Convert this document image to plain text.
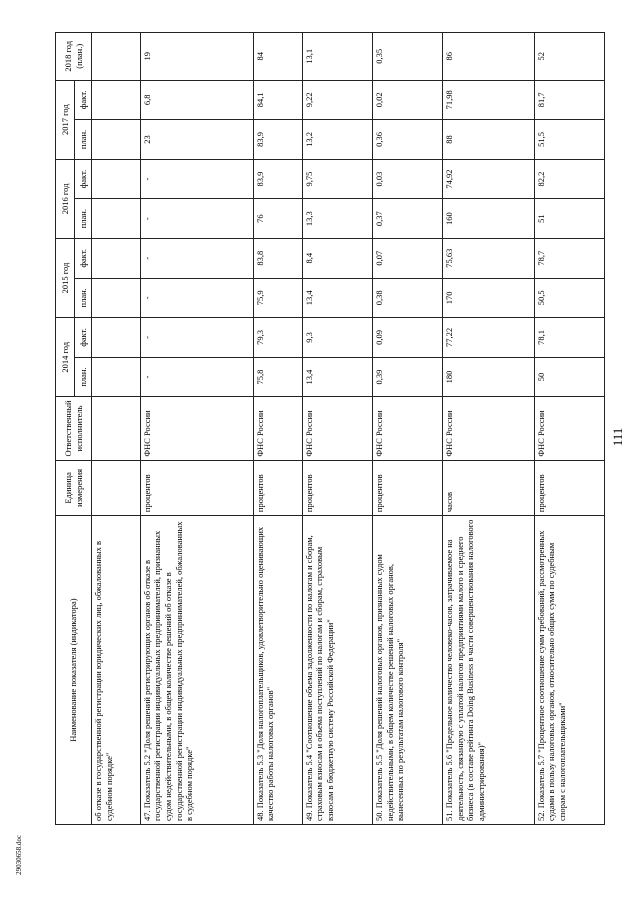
111
29030658.doc
Наименование показателя (индикатора)	Единица измерения	Ответственный исполнитель	2014 год		2015 год		2016 год		2017 год		2018 год (план.)
			план.	факт.	план.	факт.	план.	факт.	план.	факт.	
об отказе в государственной регистрации юридических лиц, обжалованных в судебном порядке"											
47. Показатель 5.2 "Доля решений регистрирующих органов об отказе в государственной регистрации индивидуальных предпринимателей, признанных судом недействительными, в общем количестве решений об отказе в государственной регистрации индивидуальных предпринимателей, обжалованных в судебном порядке"	процентов	ФНС России	-	-	-	-	-	-	23	6,8	19
48. Показатель 5.3 "Доля налогоплательщиков, удовлетворительно оценивающих качество работы налоговых органов"	процентов	ФНС России	75,8	79,3	75,9	83,8	76	83,9	83,9	84,1	84
49. Показатель 5.4 "Соотношение объема задолженности по налогам и сборам, страховым взносам и объема поступлений по налогам и сборам, страховым взносам в бюджетную систему Российской Федерации"	процентов	ФНС России	13,4	9,3	13,4	8,4	13,3	9,75	13,2	9,22	13,1
50. Показатель 5.5 "Доля решений налоговых органов, признанных судом недействительными, в общем количестве решений налоговых органов, вынесенных по результатам налогового контроля"	процентов	ФНС России	0,39	0,09	0,38	0,07	0,37	0,03	0,36	0,02	0,35
51. Показатель 5.6 "Предельное количество человеко-часов, затрачиваемое на деятельность, связанную с уплатой налогов предприятиями малого и среднего бизнеса (в составе рейтинга Doing Business в части совершенствования налогового администрирования)"	часов	ФНС России	180	77,22	170	75,63	160	74,92	88	71,98	86
52. Показатель 5.7 "Процентное соотношение сумм требований, рассмотренных судами в пользу налоговых органов, относительно общих сумм по судебным спорам с налогоплательщиками"	процентов	ФНС России	50	78,1	50,5	78,7	51	82,2	51,5	81,7	52
